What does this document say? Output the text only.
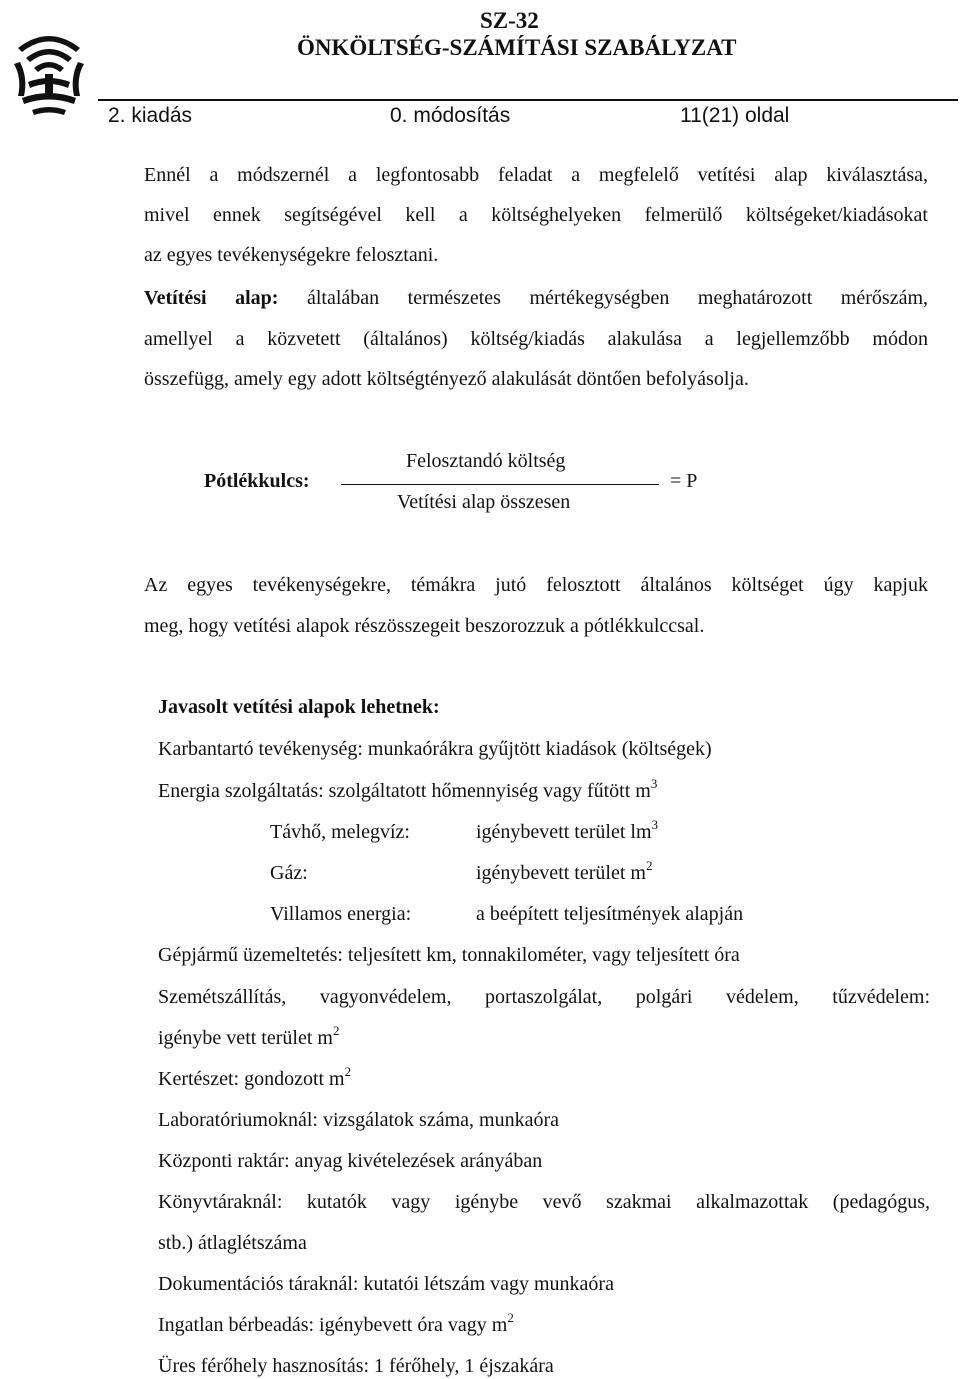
SZ-32
ÖNKÖLTSÉG-SZÁMÍTÁSI SZABÁLYZAT
2. kiadás	0. módosítás	11(21) oldal
Ennél a módszernél a legfontosabb feladat a megfelelő vetítési alap kiválasztása,
mivel ennek segítségével kell a költséghelyeken felmerülő költségeket/kiadásokat
az egyes tevékenységekre felosztani.
Vetítési alap: általában természetes mértékegységben meghatározott mérőszám,
amellyel a közvetett (általános) költség/kiadás alakulása a legjellemzőbb módon
összefügg, amely egy adott költségtényező alakulását döntően befolyásolja.
Pótlékkulcs:
Felosztandó költség
Vetítési alap összesen
= P
Az egyes tevékenységekre, témákra jutó felosztott általános költséget úgy kapjuk
meg, hogy vetítési alapok részösszegeit beszorozzuk a pótlékkulccsal.
Javasolt vetítési alapok lehetnek:
Karbantartó tevékenység: munkaórákra gyűjtött kiadások (költségek)
Energia szolgáltatás: szolgáltatott hőmennyiség vagy fűtött $m^3$
Távhő, melegvíz:	igénybevett terület $lm^3$
Gáz:	igénybevett terület $m^2$
Villamos energia:	a beépített teljesítmények alapján
Gépjármű üzemeltetés: teljesített km, tonnakilométer, vagy teljesített óra
Szemétszállítás, vagyonvédelem, portaszolgálat, polgári védelem, tűzvédelem:
igénybe vett terület $m^2$
Kertészet: gondozott $m^2$
Laboratóriumoknál: vizsgálatok száma, munkaóra
Központi raktár: anyag kivételezések arányában
Könyvtáraknál: kutatók vagy igénybe vevő szakmai alkalmazottak (pedagógus,
stb.) átlaglétszáma
Dokumentációs táraknál: kutatói létszám vagy munkaóra
Ingatlan bérbeadás: igénybevett óra vagy $m^2$
Üres férőhely hasznosítás: 1 férőhely, 1 éjszakára
